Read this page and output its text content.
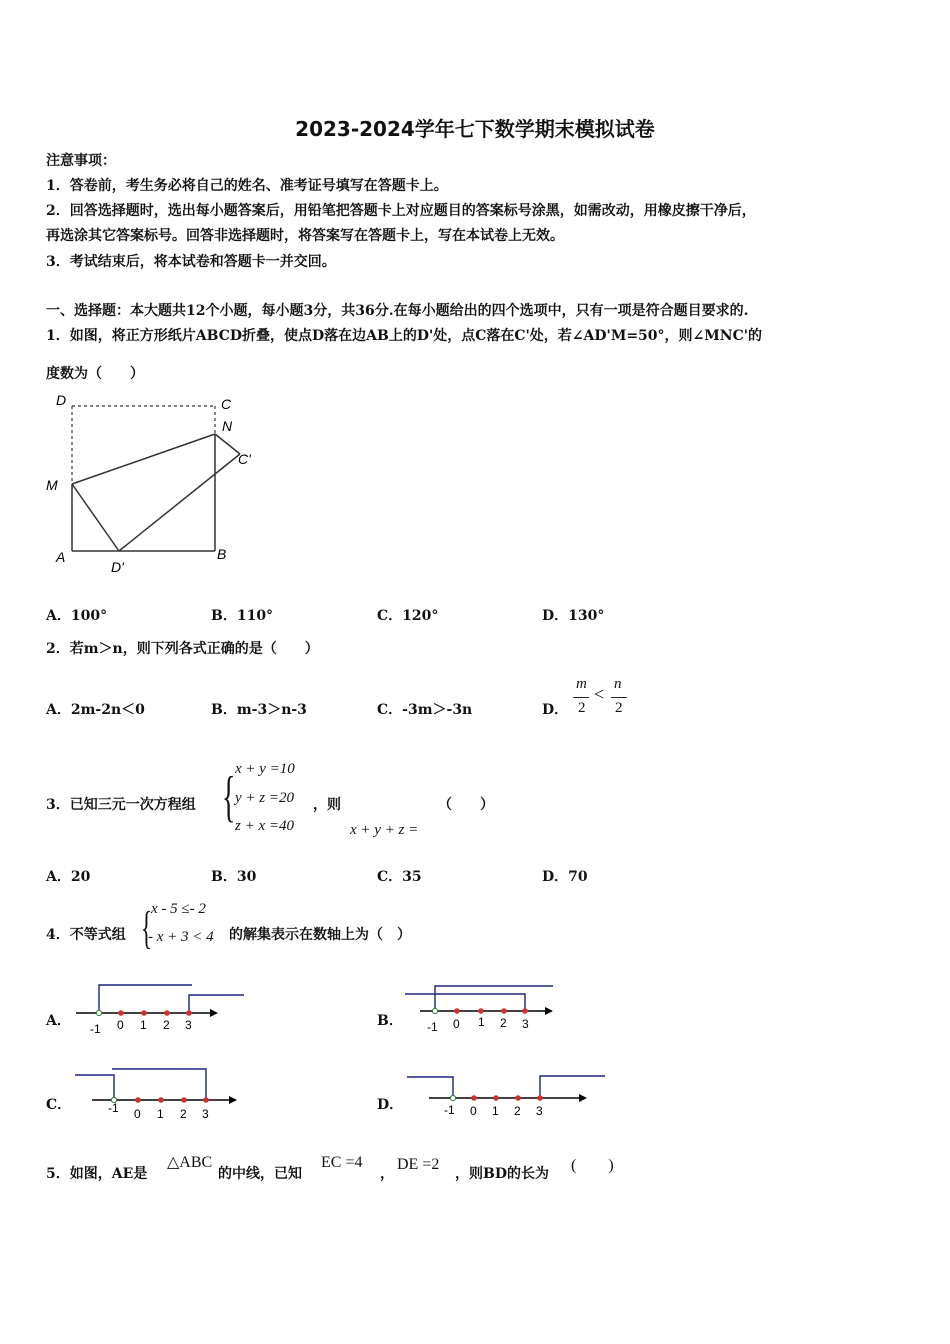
2023-2024学年七下数学期末模拟试卷
注意事项：
1．答卷前，考生务必将自己的姓名、准考证号填写在答题卡上。
2．回答选择题时，选出每小题答案后，用铅笔把答题卡上对应题目的答案标号涂黑，如需改动，用橡皮擦干净后，
再选涂其它答案标号。回答非选择题时，将答案写在答题卡上，写在本试卷上无效。
3．考试结束后，将本试卷和答题卡一并交回。
一、选择题：本大题共12个小题，每小题3分，共36分.在每小题给出的四个选项中，只有一项是符合题目要求的.
1．如图，将正方形纸片ABCD折叠，使点D落在边AB上的D'处，点C落在C'处，若∠AD'M=50°，则∠MNC'的
度数为（　　）
D	C
N
C'
M
A
D'
B
A．100°	B．110°	C．120°	D．130°
2．若m＞n，则下列各式正确的是（　　）
A．2m-2n＜0	B．m-3＞n-3	C．-3m＞-3n	D．
m
2
< n
2
3．已知三元一次方程组 { x + y =10
y + z =20
z + x =40
，则
x + y + z =
（　　）
A．20	B．30	C．35	D．70
4．不等式组 {
x - 5 ≤- 2
- x + 3 < 4 的解集表示在数轴上为（　）
A． -1 0 1 2 3	B． -1 0 1 2 3
C．	-1 0 1 2 3
D．	-1 0 1 2 3
5．如图，AE是
△ABC
的中线，已知
EC =4
，
DE =2
，则BD的长为 (　　)
